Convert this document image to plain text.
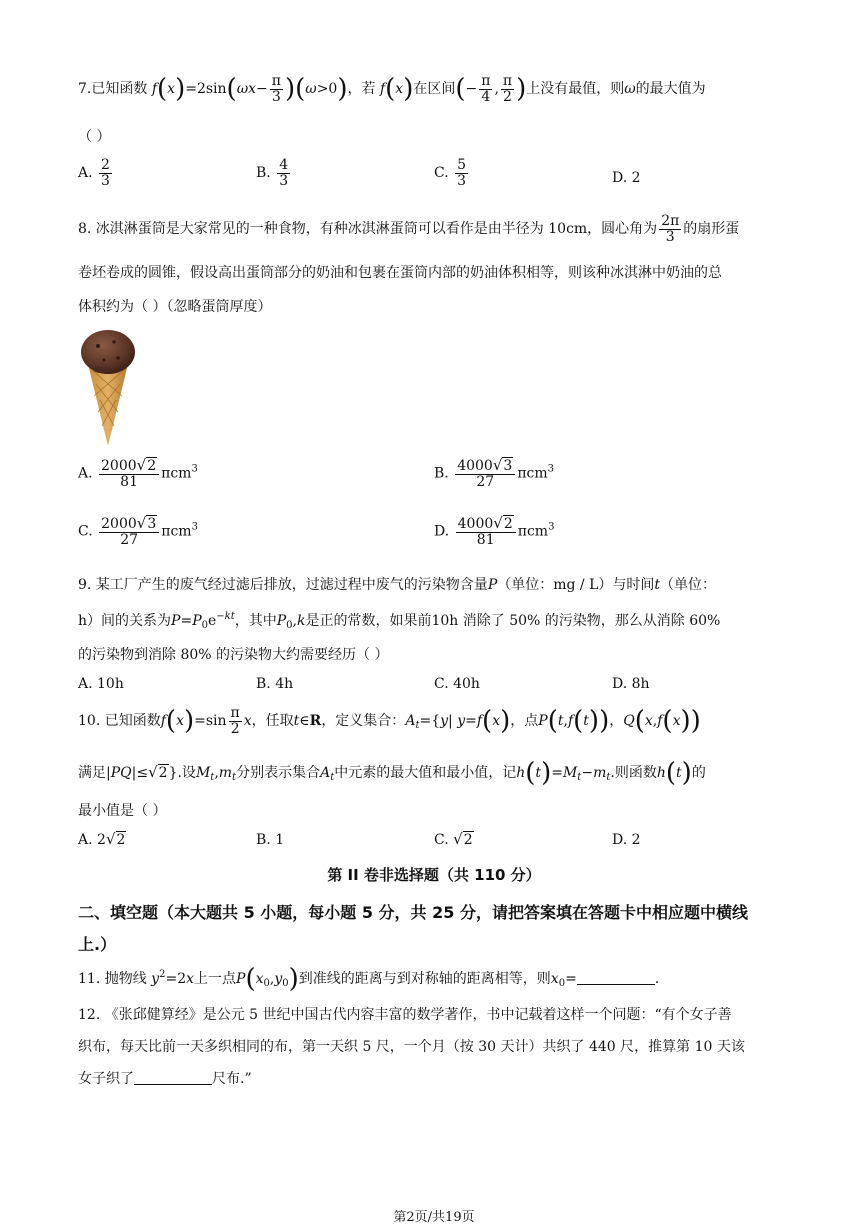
7.已知函数 $f(x)=2\sin(\omega x- \frac{\pi}{3} )(\omega>0)$，若 f(x)在区间(− $\frac{\pi}{4}$ , $\frac{\pi}{2}$ )上没有最值，则ω的最大值为
（ ）
A. $\frac{2}{3}$	B. $\frac{4}{3}$	C. $\frac{5}{3}$	D. 2
8. 冰淇淋蛋筒是大家常见的一种食物，有种冰淇淋蛋筒可以看作是由半径为 10cm，圆心角为 $\frac{2\pi}{3}$ 的扇形蛋
卷坯卷成的圆锥，假设高出蛋筒部分的奶油和包裹在蛋筒内部的奶油体积相等，则该种冰淇淋中奶油的总
体积约为（ ）（忽略蛋筒厚度）
A. $\frac{2000√2}{81} \pi cm^3$	B. $\frac{4000√3}{27} \pi cm^3$
C. $\frac{2000√3}{27} \pi cm^3$	D. $\frac{4000√2}{81} \pi cm^3$
9. 某工厂产生的废气经过滤后排放，过滤过程中废气的污染物含量P（单位：mg / L）与时间t（单位：
h）间的关系为$P=P_0e^{-kt}$，其中$P_0,k$是正的常数，如果前10h 消除了 50% 的污染物，那么从消除 60%
的污染物到消除 80% 的污染物大约需要经历（ ）
A. 10h	B. 4h	C. 40h	D. 8h
10. 已知函数$f(x)=\sin \frac{\pi}{2}$ x，任取t∈R，定义集合：$A_t=\{y|$ y=f(x)，点P(t,f(t))，Q(x,f(x))
满足|PQ|≤√2}.设$M_t,m_t$分别表示集合$A_t$中元素的最大值和最小值，记$h(t)=M_t-m_t$.则函数h(t)的
最小值是（ ）
A. 2√2	B. 1	C. √2	D. 2
第 II 卷非选择题（共 110 分）
二、填空题（本大题共 5 小题，每小题 5 分，共 25 分，请把答案填在答题卡中相应题中横线
上.）
11. 抛物线 $y^2=2x$上一点$P(x_0,y_0)$到准线的距离与到对称轴的距离相等，则$x_0=$	.
12. 《张邱健算经》是公元 5 世纪中国古代内容丰富的数学著作，书中记载着这样一个问题：“有个女子善
织布，每天比前一天多织相同的布，第一天织 5 尺，一个月（按 30 天计）共织了 440 尺，推算第 10 天该
女子织了	尺布.”
第2页/共19页
